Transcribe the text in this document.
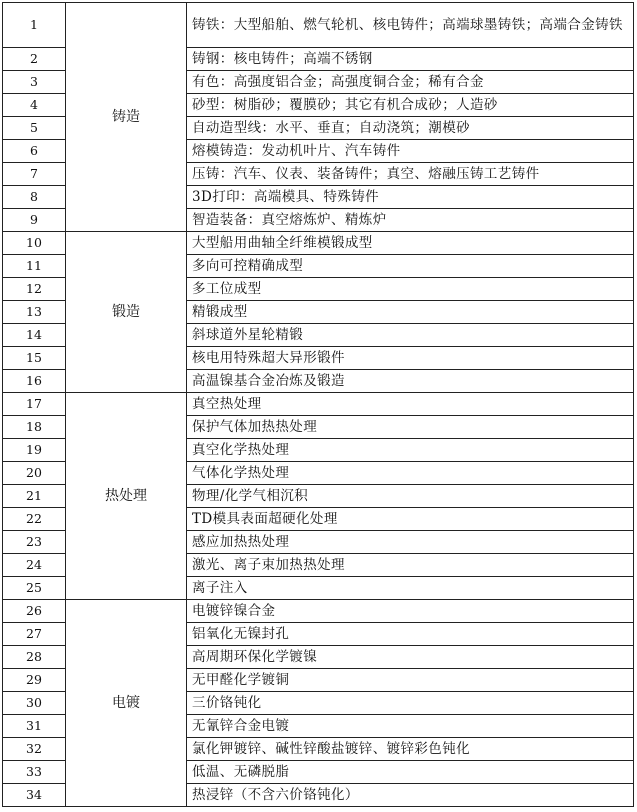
1	铸造	铸铁：大型船舶、燃气轮机、核电铸件；高端球墨铸铁；高端合金铸铁
2		铸钢：核电铸件；高端不锈钢
3		有色：高强度铝合金；高强度铜合金；稀有合金
4		砂型：树脂砂；覆膜砂；其它有机合成砂；人造砂
5		自动造型线：水平、垂直；自动浇筑；潮模砂
6		熔模铸造：发动机叶片、汽车铸件
7		压铸：汽车、仪表、装备铸件；真空、熔融压铸工艺铸件
8		3D打印：高端模具、特殊铸件
9		智造装备：真空熔炼炉、精炼炉
10	锻造	大型船用曲轴全纤维模锻成型
11		多向可控精确成型
12		多工位成型
13		精锻成型
14		斜球道外星轮精锻
15		核电用特殊超大异形锻件
16		高温镍基合金冶炼及锻造
17	热处理	真空热处理
18		保护气体加热热处理
19		真空化学热处理
20		气体化学热处理
21		物理/化学气相沉积
22		TD模具表面超硬化处理
23		感应加热热处理
24		激光、离子束加热热处理
25		离子注入
26	电镀	电镀锌镍合金
27		铝氧化无镍封孔
28		高周期环保化学镀镍
29		无甲醛化学镀铜
30		三价铬钝化
31		无氰锌合金电镀
32		氯化钾镀锌、碱性锌酸盐镀锌、镀锌彩色钝化
33		低温、无磷脱脂
34		热浸锌（不含六价铬钝化）
